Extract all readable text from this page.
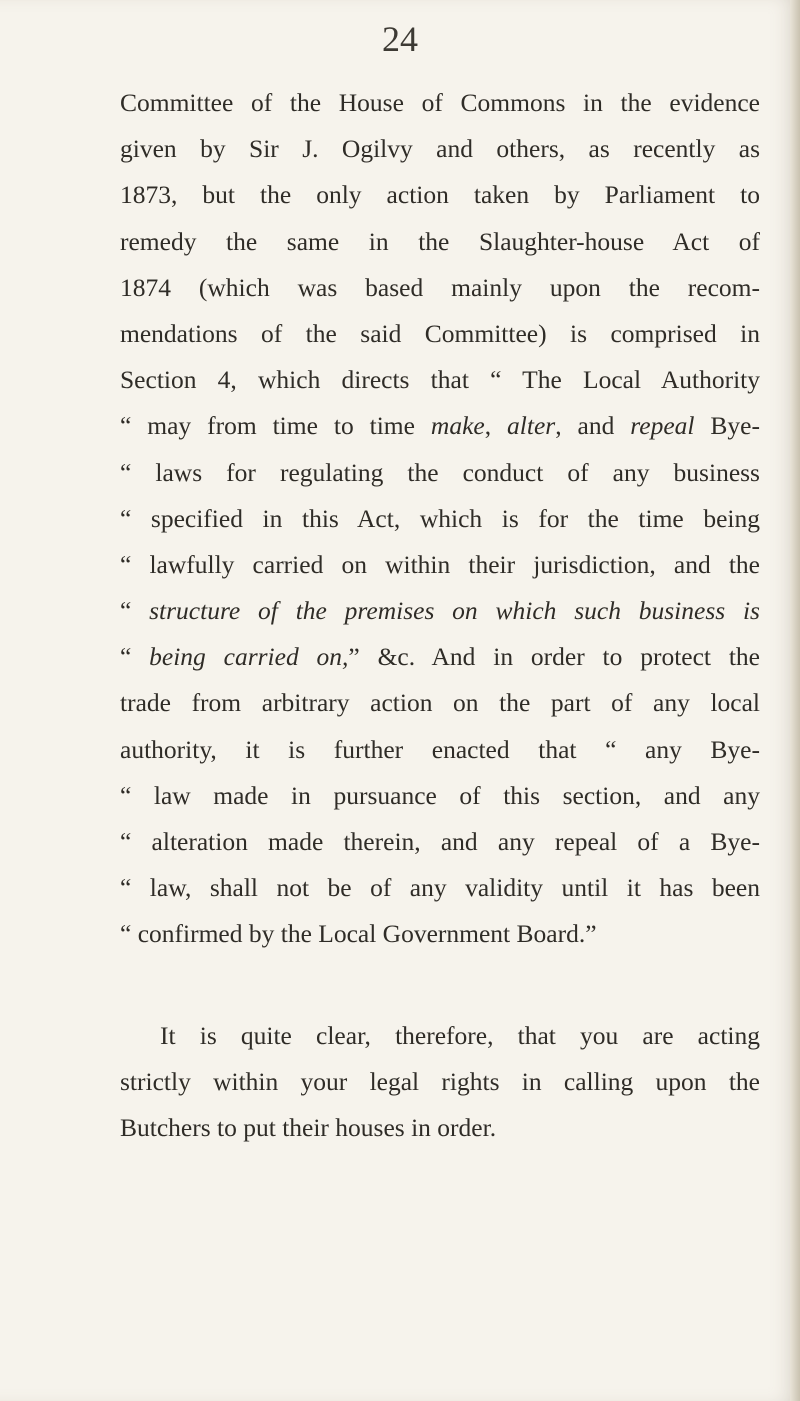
24
Committee of the House of Commons in the evidence
given by Sir J. Ogilvy and others, as recently as
1873, but the only action taken by Parliament to
remedy the same in the Slaughter-house Act of
1874 (which was based mainly upon the recom-
mendations of the said Committee) is comprised in
Section 4, which directs that “ The Local Authority
“ may from time to time make, alter, and repeal Bye-
“ laws for regulating the conduct of any business
“ specified in this Act, which is for the time being
“ lawfully carried on within their jurisdiction, and the
“ structure of the premises on which such business is
“ being carried on,” &c. And in order to protect the
trade from arbitrary action on the part of any local
authority, it is further enacted that “ any Bye-
“ law made in pursuance of this section, and any
“ alteration made therein, and any repeal of a Bye-
“ law, shall not be of any validity until it has been
“ confirmed by the Local Government Board.”
It is quite clear, therefore, that you are acting
strictly within your legal rights in calling upon the
Butchers to put their houses in order.
